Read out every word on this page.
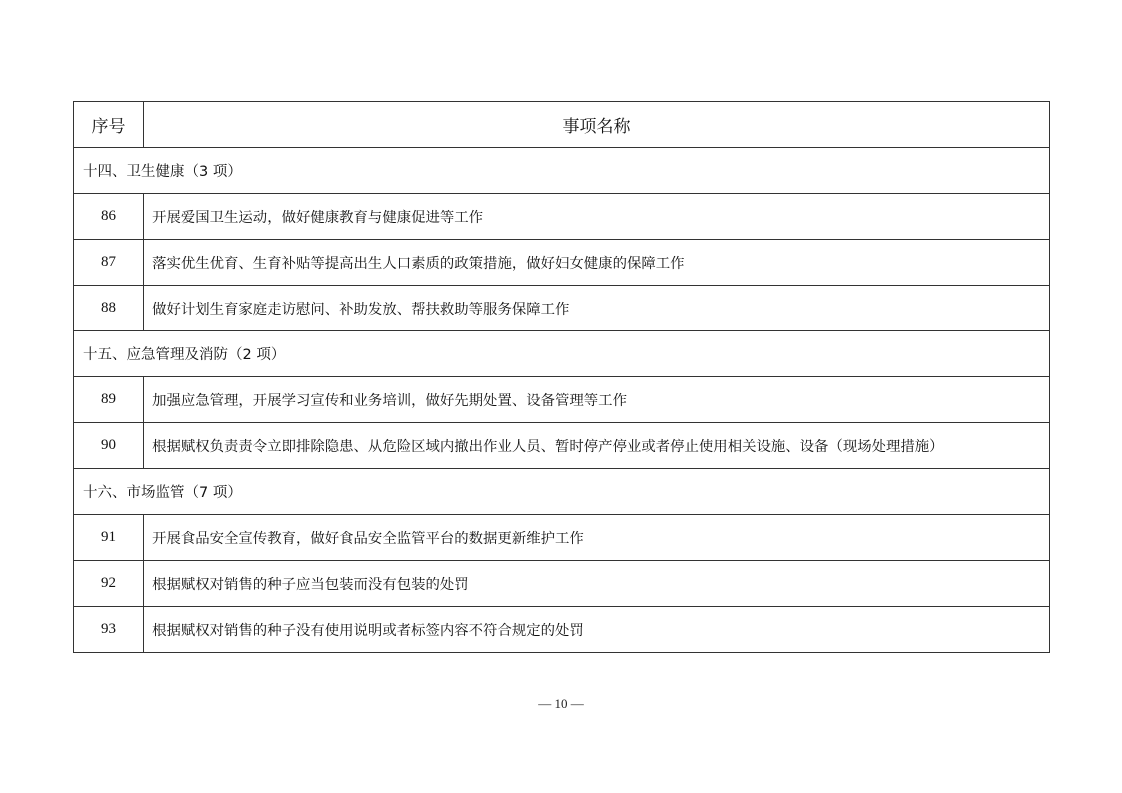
序号	事项名称
十四、卫生健康（3 项）	
86	开展爱国卫生运动，做好健康教育与健康促进等工作
87	落实优生优育、生育补贴等提高出生人口素质的政策措施，做好妇女健康的保障工作
88	做好计划生育家庭走访慰问、补助发放、帮扶救助等服务保障工作
十五、应急管理及消防（2 项）	
89	加强应急管理，开展学习宣传和业务培训，做好先期处置、设备管理等工作
90	根据赋权负责责令立即排除隐患、从危险区域内撤出作业人员、暂时停产停业或者停止使用相关设施、设备（现场处理措施）
十六、市场监管（7 项）	
91	开展食品安全宣传教育，做好食品安全监管平台的数据更新维护工作
92	根据赋权对销售的种子应当包装而没有包装的处罚
93	根据赋权对销售的种子没有使用说明或者标签内容不符合规定的处罚
— 10 —
